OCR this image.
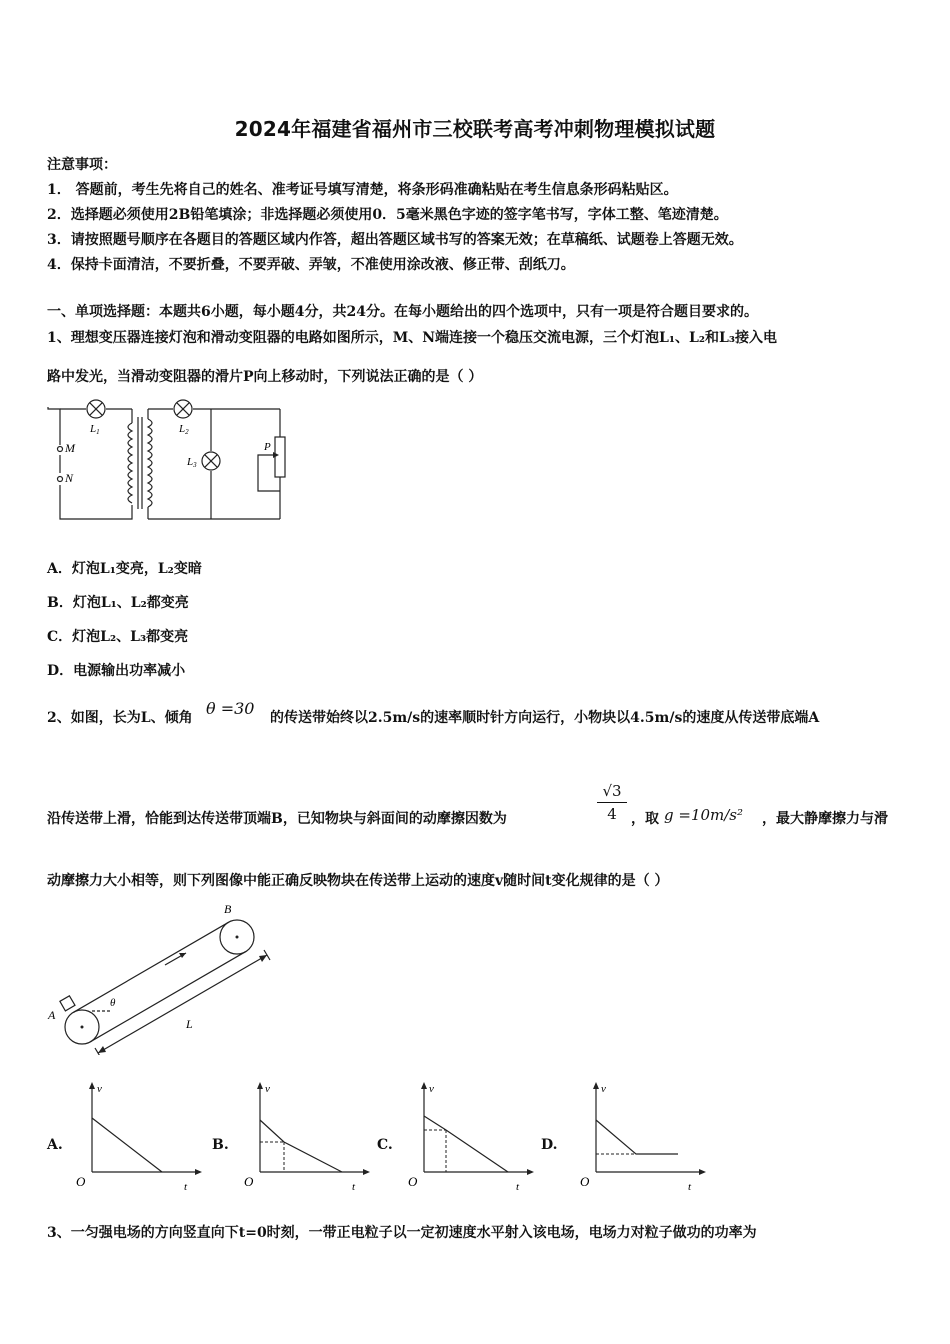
2024年福建省福州市三校联考高考冲刺物理模拟试题
注意事项：
1． 答题前，考生先将自己的姓名、准考证号填写清楚，将条形码准确粘贴在考生信息条形码粘贴区。
2．选择题必须使用2B铅笔填涂；非选择题必须使用0．5毫米黑色字迹的签字笔书写，字体工整、笔迹清楚。
3．请按照题号顺序在各题目的答题区域内作答，超出答题区域书写的答案无效；在草稿纸、试题卷上答题无效。
4．保持卡面清洁，不要折叠，不要弄破、弄皱，不准使用涂改液、修正带、刮纸刀。
一、单项选择题：本题共6小题，每小题4分，共24分。在每小题给出的四个选项中，只有一项是符合题目要求的。
1、理想变压器连接灯泡和滑动变阻器的电路如图所示，M、N端连接一个稳压交流电源，三个灯泡L₁、L₂和L₃接入电
路中发光，当滑动变阻器的滑片P向上移动时，下列说法正确的是（ ）
M
N
L1	L2
L3
P
A．灯泡L₁变亮，L₂变暗
B．灯泡L₁、L₂都变亮
C．灯泡L₂、L₃都变亮
D．电源输出功率减小
2、如图，长为L、倾角 θ =30 的传送带始终以2.5m/s的速率顺时针方向运行，小物块以4.5m/s的速度从传送带底端A
沿传送带上滑，恰能到达传送带顶端B，已知物块与斜面间的动摩擦因数为	$\frac{√3}{4}$ ，取 g =10m/s² ，最大静摩擦力与滑
动摩擦力大小相等，则下列图像中能正确反映物块在传送带上运动的速度v随时间t变化规律的是（ ）
A
B
θ
L
A.	B.	C.	D.
v
t
O
v
t
O
v
t
O
v
t
O
3、一匀强电场的方向竖直向下t=0时刻，一带正电粒子以一定初速度水平射入该电场，电场力对粒子做功的功率为
